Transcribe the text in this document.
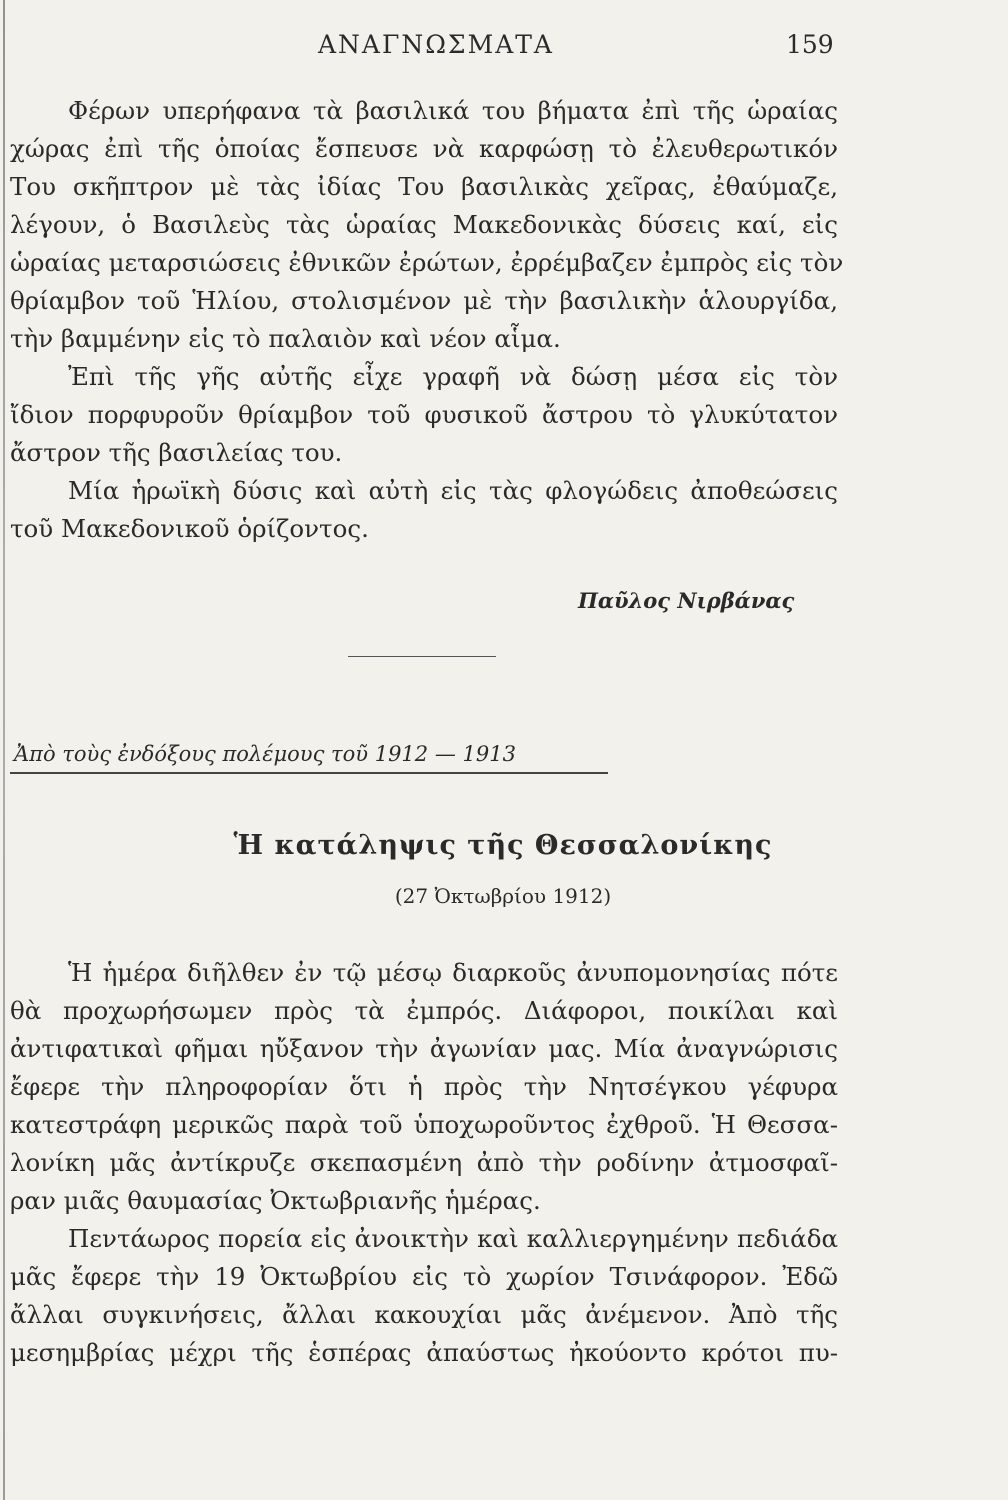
ΑΝΑΓΝΩΣΜΑΤΑ	159
Φέρων υπερήφανα τὰ βασιλικά του βήματα ἐπὶ τῆς ὡραίας
χώρας ἐπὶ τῆς ὁποίας ἔσπευσε νὰ καρφώσῃ τὸ ἐλευθερωτικόν
Του σκῆπτρον μὲ τὰς ἰδίας Του βασιλικὰς χεῖρας, ἐθαύμαζε,
λέγουν, ὁ Βασιλεὺς τὰς ὡραίας Μακεδονικὰς δύσεις καί, εἰς
ὡραίας μεταρσιώσεις ἐθνικῶν ἐρώτων, ἐρρέμβαζεν ἐμπρὸς εἰς τὸν
θρίαμβον τοῦ Ἡλίου, στολισμένον μὲ τὴν βασιλικὴν ἁλουργίδα,
τὴν βαμμένην εἰς τὸ παλαιὸν καὶ νέον αἷμα.
Ἐπὶ τῆς γῆς αὐτῆς εἶχε γραφῆ νὰ δώσῃ μέσα εἰς τὸν
ἴδιον πορφυροῦν θρίαμβον τοῦ φυσικοῦ ἄστρου τὸ γλυκύτατον
ἄστρον τῆς βασιλείας του.
Μία ἡρωϊκὴ δύσις καὶ αὐτὴ εἰς τὰς φλογώδεις ἀποθεώσεις
τοῦ Μακεδονικοῦ ὁρίζοντος.
Παῦλος Νιρβάνας
Ἀπὸ τοὺς ἐνδόξους πολέμους τοῦ 1912 — 1913
Ἡ κατάληψις τῆς Θεσσαλονίκης
(27 Ὀκτωβρίου 1912)
Ἡ ἡμέρα διῆλθεν ἐν τῷ μέσῳ διαρκοῦς ἀνυπομονησίας πότε
θὰ προχωρήσωμεν πρὸς τὰ ἐμπρός. Διάφοροι, ποικίλαι καὶ
ἀντιφατικαὶ φῆμαι ηὔξανον τὴν ἀγωνίαν μας. Μία ἀναγνώρισις
ἔφερε τὴν πληροφορίαν ὅτι ἡ πρὸς τὴν Νητσέγκου γέφυρα
κατεστράφη μερικῶς παρὰ τοῦ ὑποχωροῦντος ἐχθροῦ. Ἡ Θεσσα-
λονίκη μᾶς ἀντίκρυζε σκεπασμένη ἀπὸ τὴν ροδίνην ἀτμοσφαῖ-
ραν μιᾶς θαυμασίας Ὀκτωβριανῆς ἡμέρας.
Πεντάωρος πορεία εἰς ἀνοικτὴν καὶ καλλιεργημένην πεδιάδα
μᾶς ἔφερε τὴν 19 Ὀκτωβρίου εἰς τὸ χωρίον Τσινάφορον. Ἐδῶ
ἄλλαι συγκινήσεις, ἄλλαι κακουχίαι μᾶς ἀνέμενον. Ἀπὸ τῆς
μεσημβρίας μέχρι τῆς ἑσπέρας ἀπαύστως ἠκούοντο κρότοι πυ-
